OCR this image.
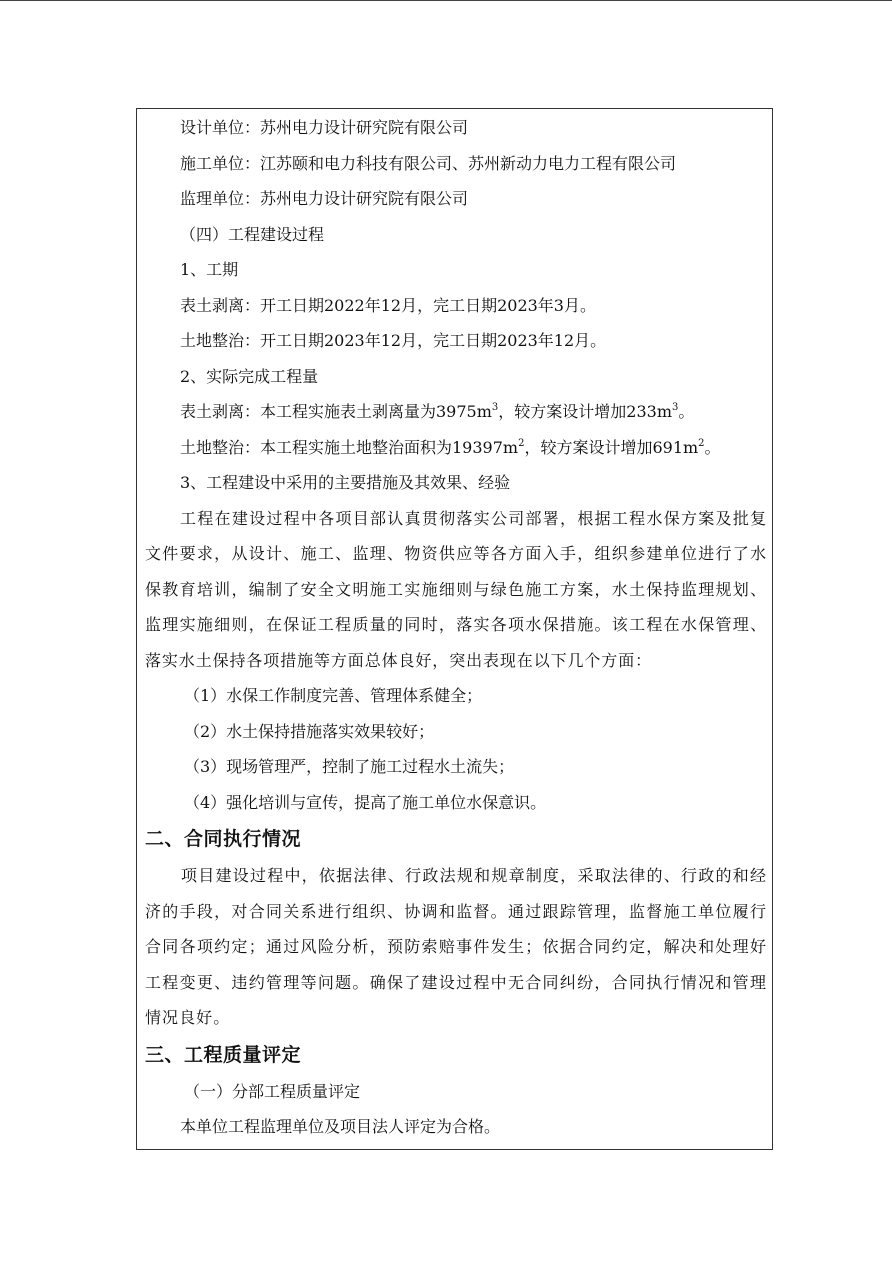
设计单位：苏州电力设计研究院有限公司
施工单位：江苏颐和电力科技有限公司、苏州新动力电力工程有限公司
监理单位：苏州电力设计研究院有限公司
（四）工程建设过程
1、工期
表土剥离：开工日期2022年12月，完工日期2023年3月。
土地整治：开工日期2023年12月，完工日期2023年12月。
2、实际完成工程量
表土剥离：本工程实施表土剥离量为$3975m^3$，较方案设计增加$233m^3$。
土地整治：本工程实施土地整治面积为$19397m^2$，较方案设计增加$691m^2$。
3、工程建设中采用的主要措施及其效果、经验

工程在建设过程中各项目部认真贯彻落实公司部署，根据工程水保方案及批复文件要求，从设计、施工、监理、物资供应等各方面入手，组织参建单位进行了水保教育培训，编制了安全文明施工实施细则与绿色施工方案，水土保持监理规划、监理实施细则，在保证工程质量的同时，落实各项水保措施。该工程在水保管理、落实水土保持各项措施等方面总体良好，突出表现在以下几个方面：

（1）水保工作制度完善、管理体系健全；
（2）水土保持措施落实效果较好；
（3）现场管理严，控制了施工过程水土流失；
（4）强化培训与宣传，提高了施工单位水保意识。
二、合同执行情况

项目建设过程中，依据法律、行政法规和规章制度，采取法律的、行政的和经济的手段，对合同关系进行组织、协调和监督。通过跟踪管理，监督施工单位履行合同各项约定；通过风险分析，预防索赔事件发生；依据合同约定，解决和处理好工程变更、违约管理等问题。确保了建设过程中无合同纠纷，合同执行情况和管理情况良好。

三、工程质量评定
（一）分部工程质量评定
本单位工程监理单位及项目法人评定为合格。
